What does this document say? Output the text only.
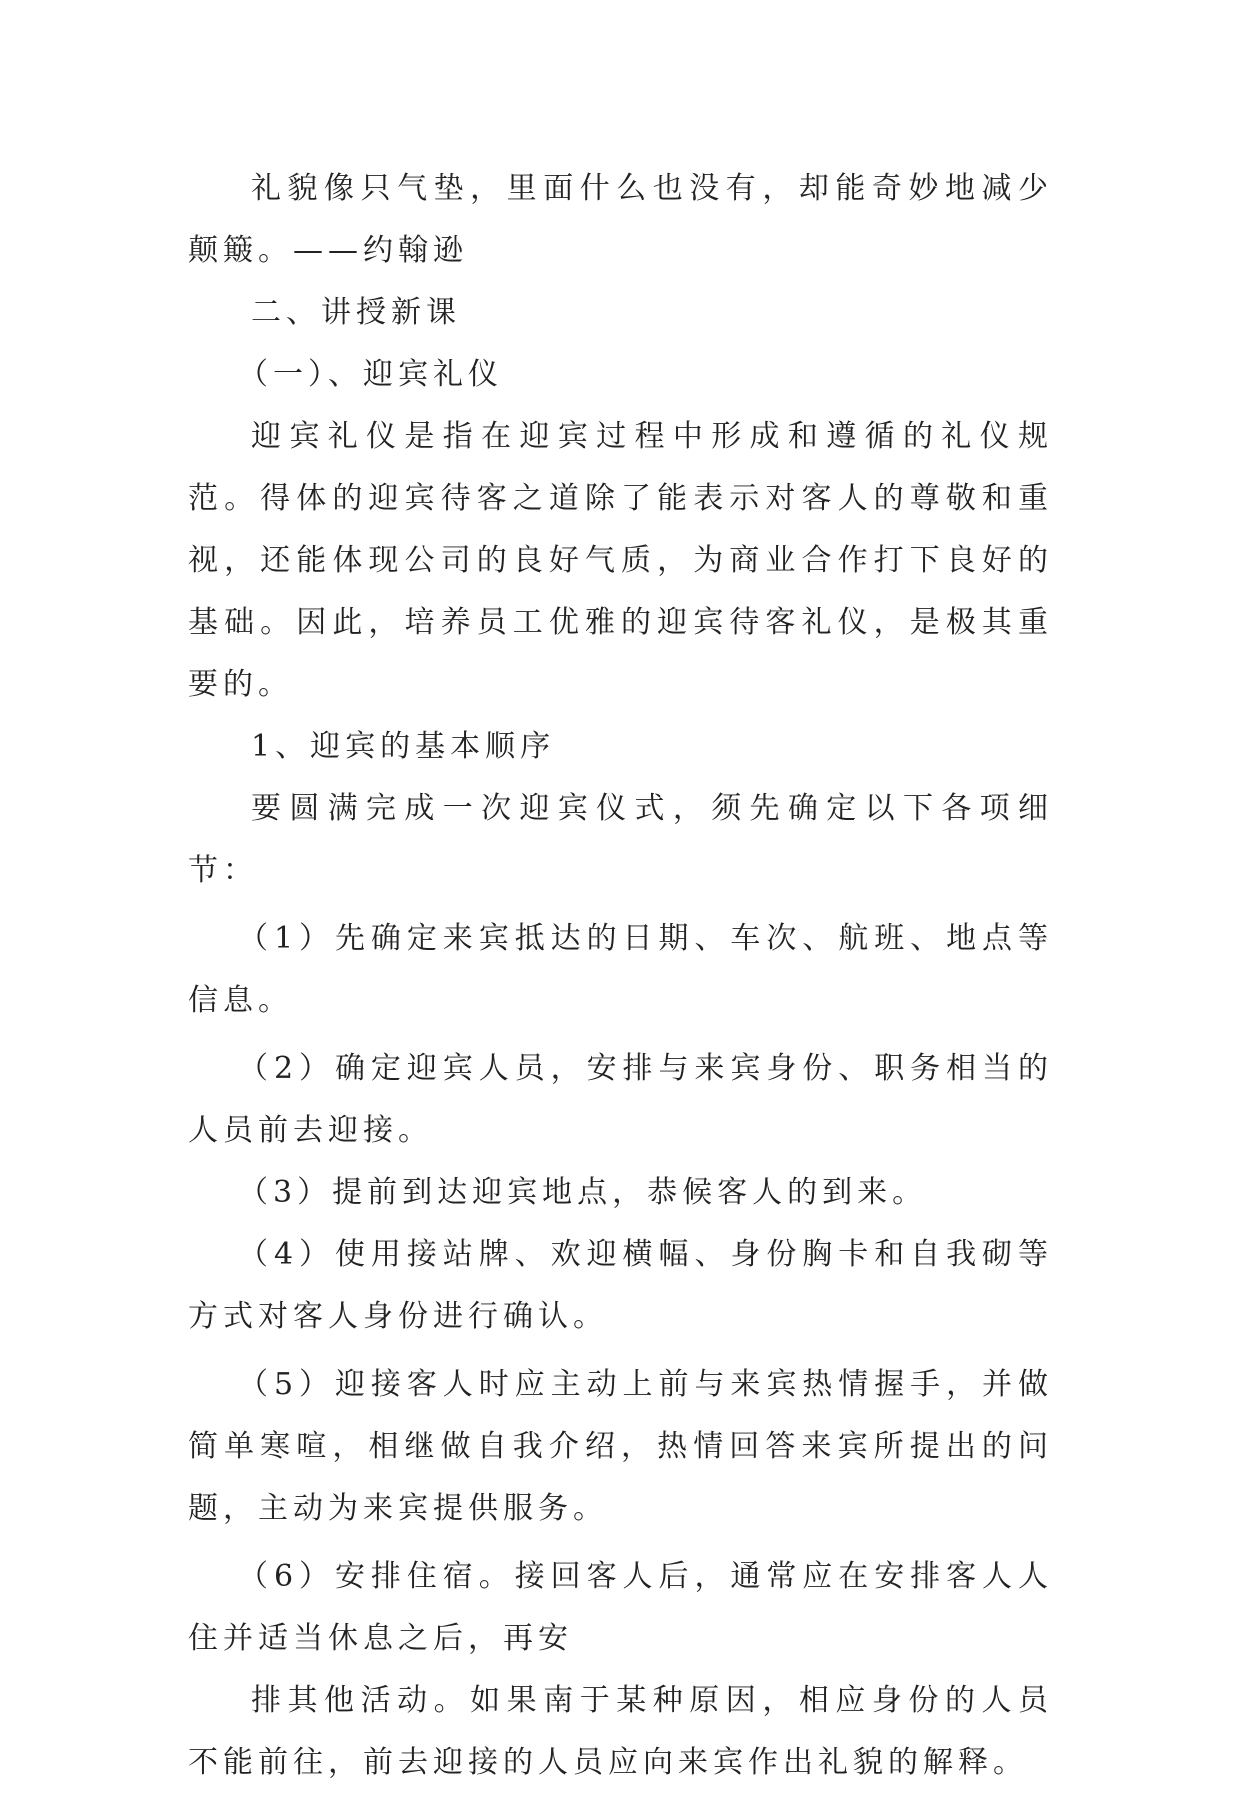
礼貌像只气垫，里面什么也没有，却能奇妙地减少颠簸。——约翰逊

二、讲授新课

（一）、迎宾礼仪

迎宾礼仪是指在迎宾过程中形成和遵循的礼仪规范。得体的迎宾待客之道除了能表示对客人的尊敬和重视，还能体现公司的良好气质，为商业合作打下良好的基础。因此，培养员工优雅的迎宾待客礼仪，是极其重要的。

1、迎宾的基本顺序

要圆满完成一次迎宾仪式，须先确定以下各项细节：

（1）先确定来宾抵达的日期、车次、航班、地点等信息。

（2）确定迎宾人员，安排与来宾身份、职务相当的人员前去迎接。

（3）提前到达迎宾地点，恭候客人的到来。

（4）使用接站牌、欢迎横幅、身份胸卡和自我砌等方式对客人身份进行确认。

（5）迎接客人时应主动上前与来宾热情握手，并做简单寒喧，相继做自我介绍，热情回答来宾所提出的问题，主动为来宾提供服务。

（6）安排住宿。接回客人后，通常应在安排客人人住并适当休息之后，再安

排其他活动。如果南于某种原因，相应身份的人员不能前往，前去迎接的人员应向来宾作出礼貌的解释。
